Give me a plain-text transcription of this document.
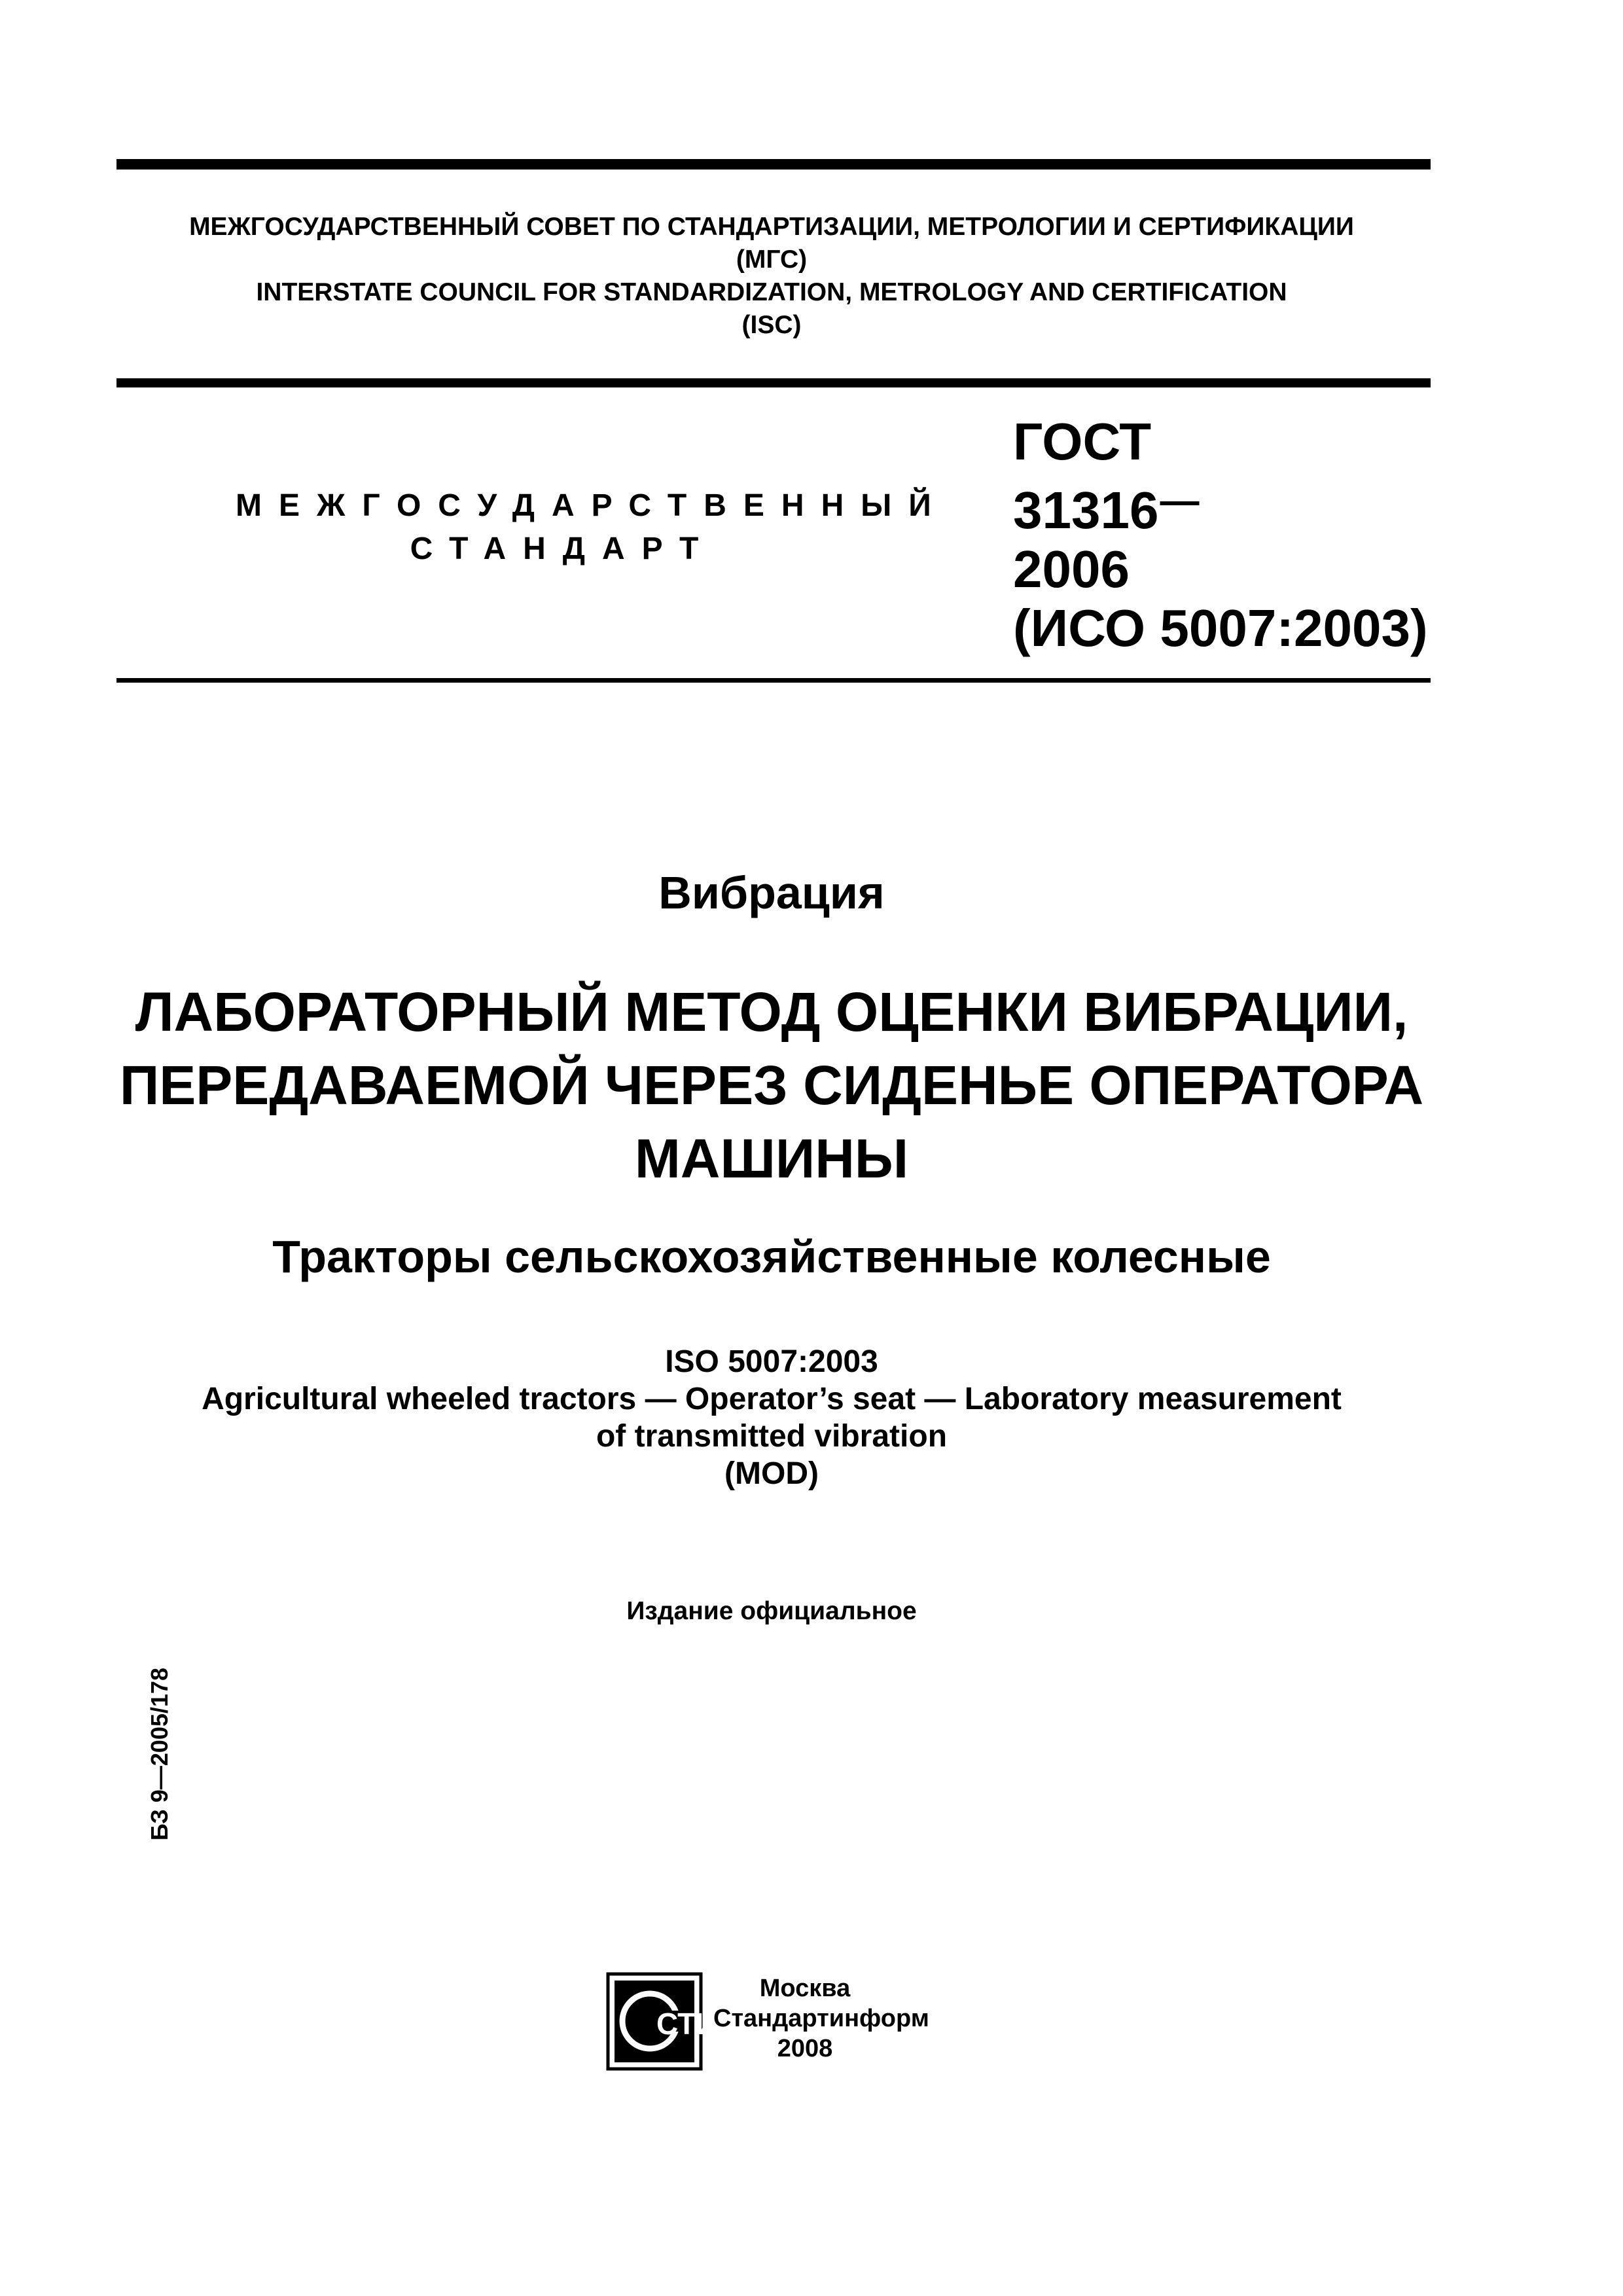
МЕЖГОСУДАРСТВЕННЫЙ СОВЕТ ПО СТАНДАРТИЗАЦИИ, МЕТРОЛОГИИ И СЕРТИФИКАЦИИ
(МГС)
INTERSTATE COUNCIL FOR STANDARDIZATION, METROLOGY AND CERTIFICATION
(ISC)
МЕЖГОСУДАРСТВЕННЫЙ
СТАНДАРТ
ГОСТ
31316—
2006
(ИСО 5007:2003)
Вибрация
ЛАБОРАТОРНЫЙ МЕТОД ОЦЕНКИ ВИБРАЦИИ,
ПЕРЕДАВАЕМОЙ ЧЕРЕЗ СИДЕНЬЕ ОПЕРАТОРА
МАШИНЫ
Тракторы сельскохозяйственные колесные
ISO 5007:2003
Agricultural wheeled tractors — Operator’s seat — Laboratory measurement
of transmitted vibration
(MOD)
Издание официальное
БЗ 9—2005/178
СТИ
Москва
Стандартинформ
2008
